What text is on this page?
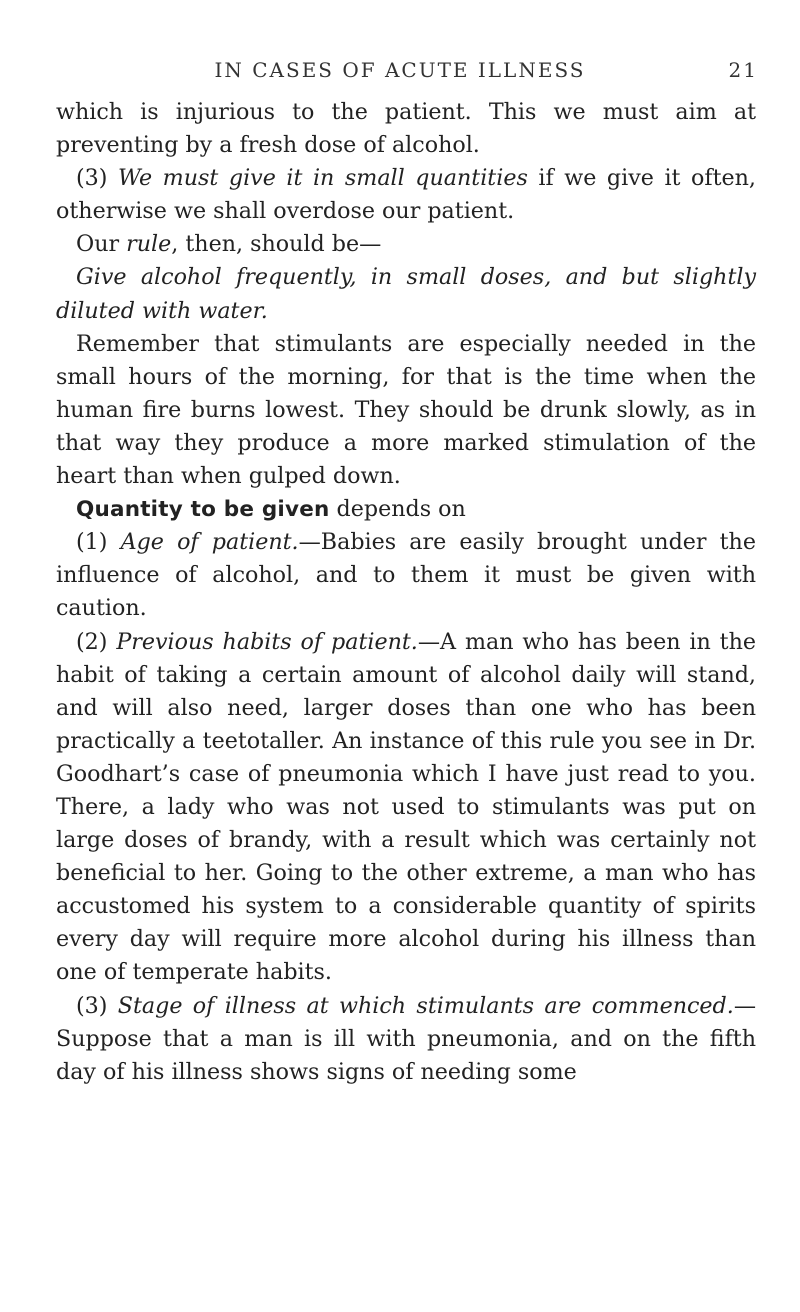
IN CASES OF ACUTE ILLNESS	21

which is injurious to the patient. This we must aim at preventing by a fresh dose of alcohol.

(3) We must give it in small quantities if we give it often, otherwise we shall overdose our patient.

Our rule, then, should be—

Give alcohol frequently, in small doses, and but slightly diluted with water.

Remember that stimulants are especially needed in the small hours of the morning, for that is the time when the human fire burns lowest. They should be drunk slowly, as in that way they produce a more marked stimulation of the heart than when gulped down.

Quantity to be given depends on

(1) Age of patient.—Babies are easily brought under the influence of alcohol, and to them it must be given with caution.

(2) Previous habits of patient.—A man who has been in the habit of taking a certain amount of alcohol daily will stand, and will also need, larger doses than one who has been practically a teetotaller. An instance of this rule you see in Dr. Goodhart’s case of pneumonia which I have just read to you. There, a lady who was not used to stimulants was put on large doses of brandy, with a result which was certainly not beneficial to her. Going to the other extreme, a man who has accustomed his system to a considerable quantity of spirits every day will require more alcohol during his illness than one of temperate habits.

(3) Stage of illness at which stimulants are commenced.—Suppose that a man is ill with pneumonia, and on the fifth day of his illness shows signs of needing some
